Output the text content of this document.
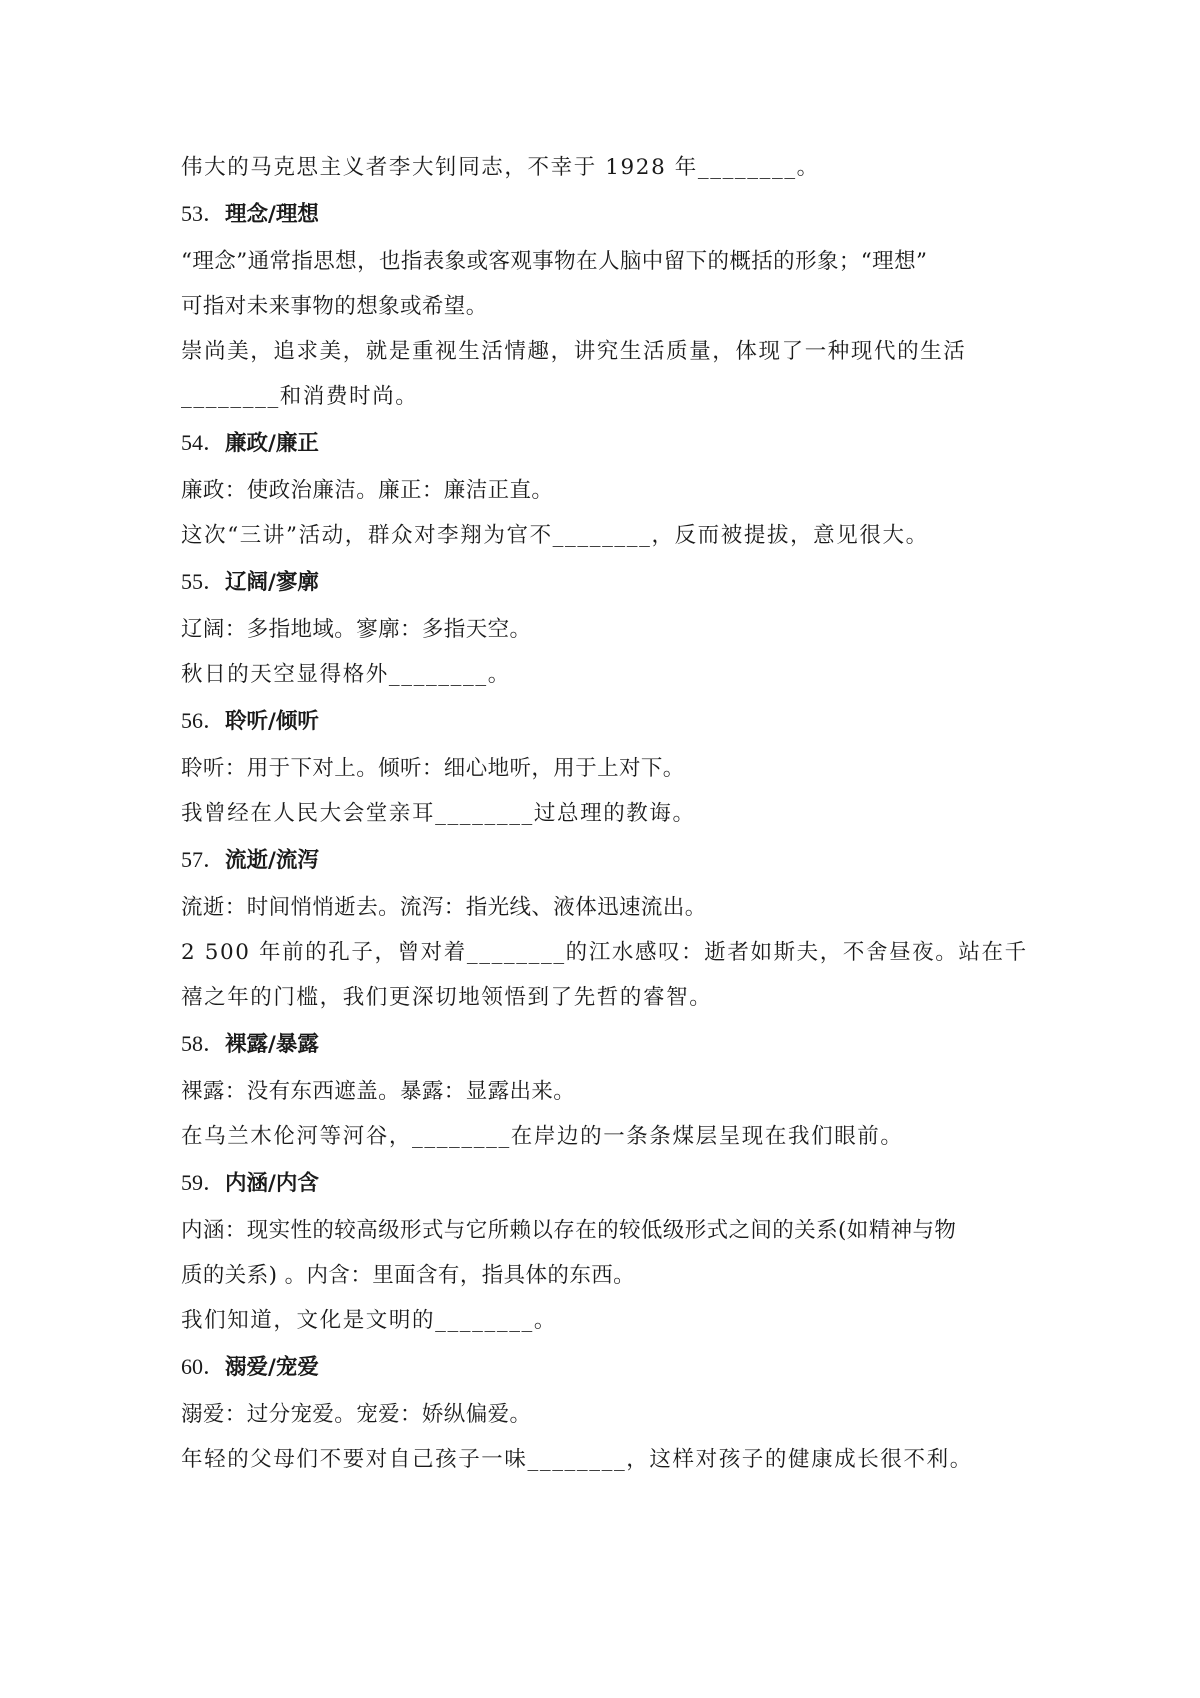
伟大的马克思主义者李大钊同志，不幸于 1928 年________。
53．理念/理想
“理念”通常指思想，也指表象或客观事物在人脑中留下的概括的形象；“理想”
可指对未来事物的想象或希望。
崇尚美，追求美，就是重视生活情趣，讲究生活质量，体现了一种现代的生活
________和消费时尚。
54．廉政/廉正
廉政：使政治廉洁。廉正：廉洁正直。
这次“三讲”活动，群众对李翔为官不________，反而被提拔，意见很大。
55．辽阔/寥廓
辽阔：多指地域。寥廓：多指天空。
秋日的天空显得格外________。
56．聆听/倾听
聆听：用于下对上。倾听：细心地听，用于上对下。
我曾经在人民大会堂亲耳________过总理的教诲。
57．流逝/流泻
流逝：时间悄悄逝去。流泻：指光线、液体迅速流出。
2 500 年前的孔子，曾对着________的江水感叹：逝者如斯夫，不舍昼夜。站在千
禧之年的门槛，我们更深切地领悟到了先哲的睿智。
58．裸露/暴露
裸露：没有东西遮盖。暴露：显露出来。
在乌兰木伦河等河谷，________在岸边的一条条煤层呈现在我们眼前。
59．内涵/内含
内涵：现实性的较高级形式与它所赖以存在的较低级形式之间的关系(如精神与物
质的关系) 。内含：里面含有，指具体的东西。
我们知道，文化是文明的________。
60．溺爱/宠爱
溺爱：过分宠爱。宠爱：娇纵偏爱。
年轻的父母们不要对自己孩子一味________，这样对孩子的健康成长很不利。
